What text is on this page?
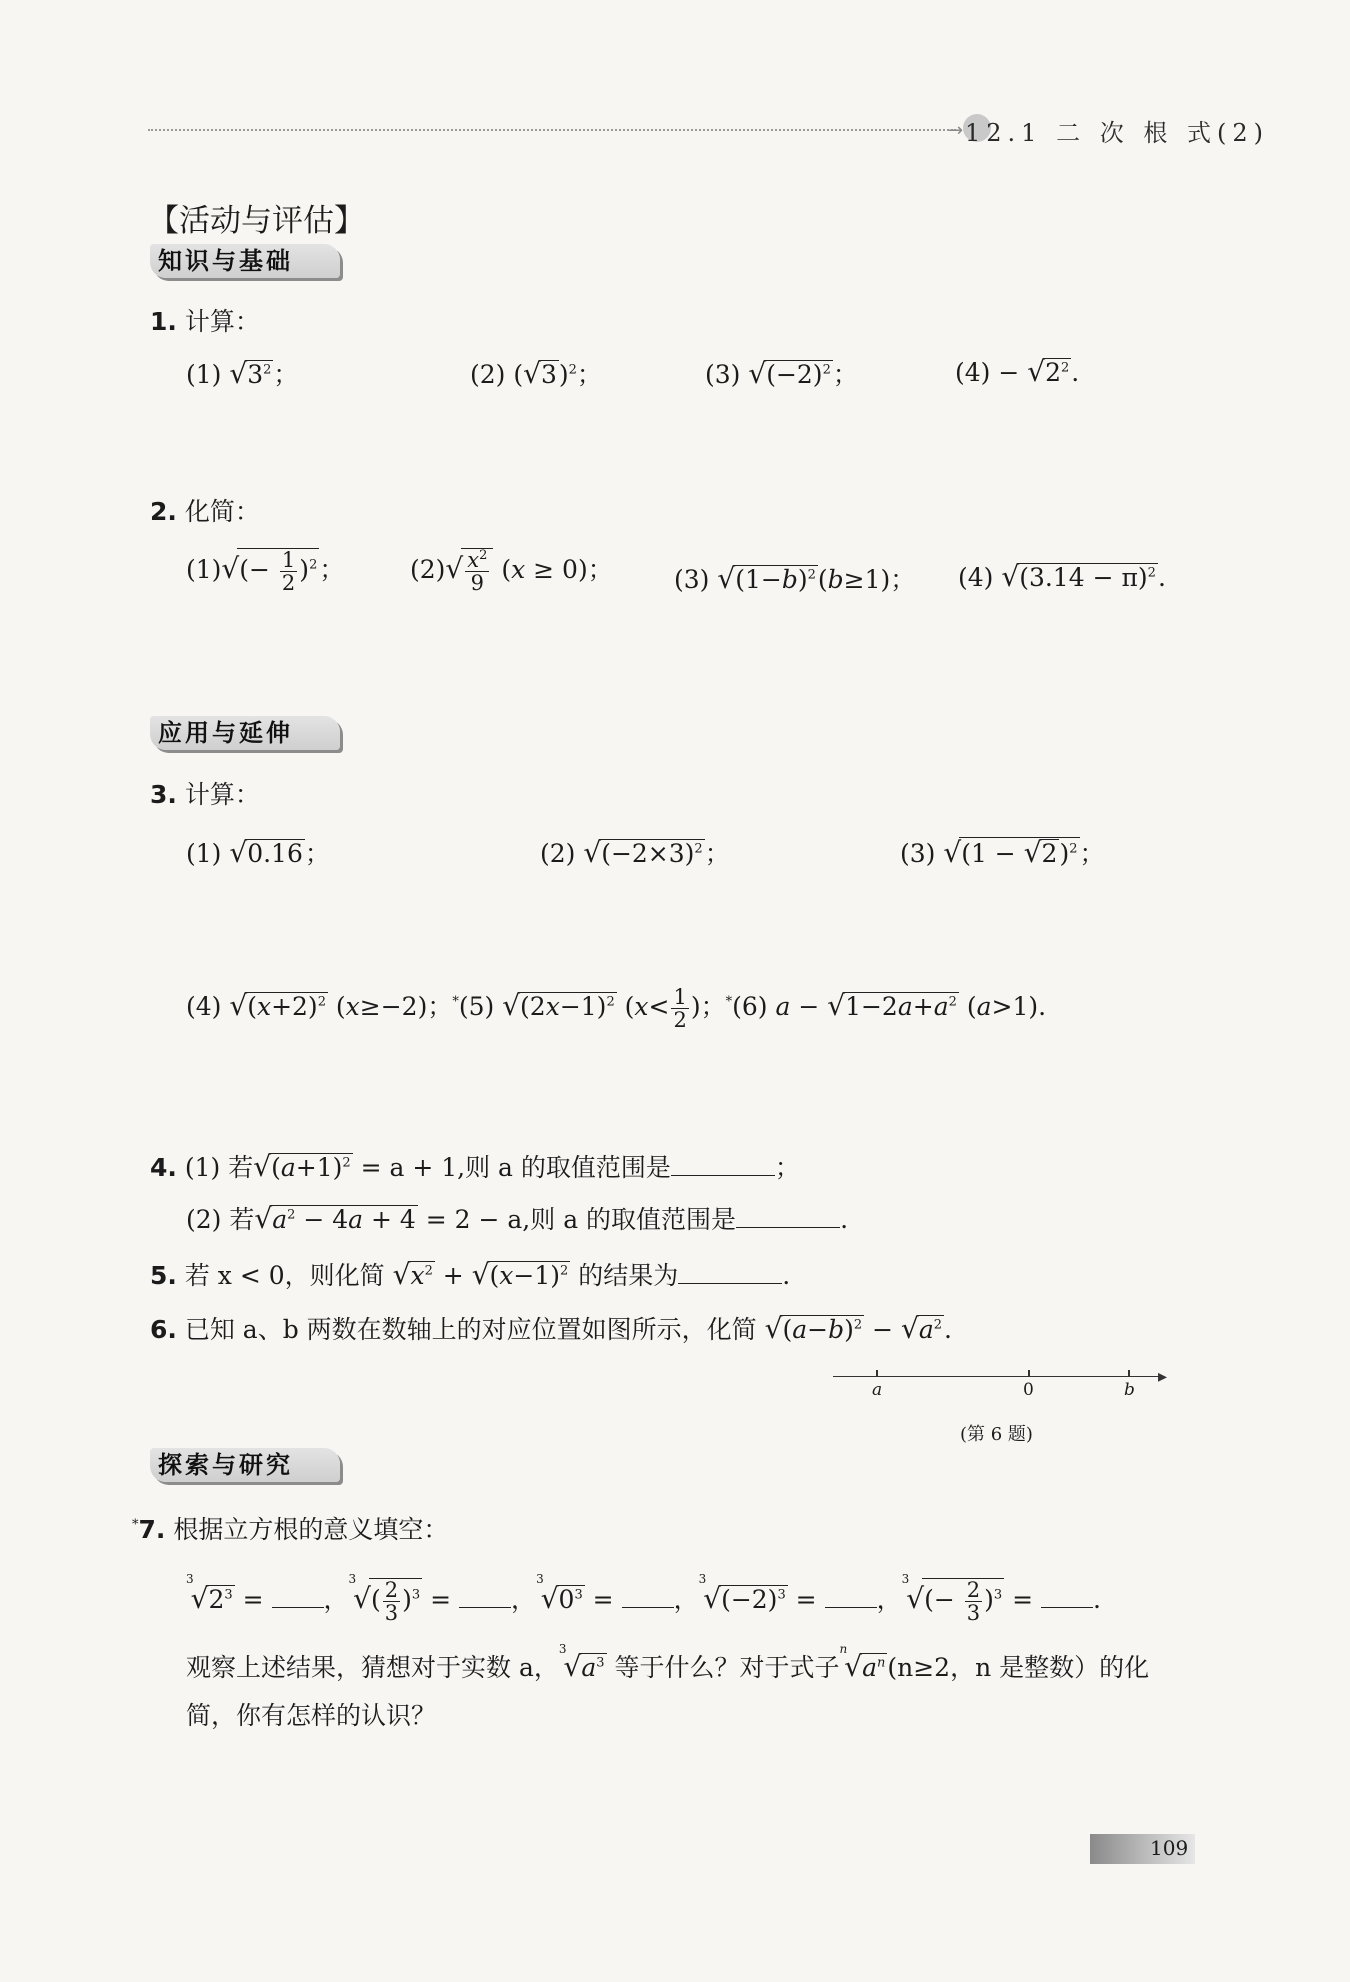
→ 12.1 二 次 根 式(2)
【活动与评估】
知识与基础
1. 计算：
(1) $√3^2$；	(2) $(√3)^2$；	(3) $√(-2)^2$；	$(4) - √2^2$.
2. 化简：
$(1)√(- \frac{1}{2} )^2$；	$(2)√ \frac{x^2}{9} (x \ge 0)$； (3) $√(1-b)^2(b\ge 1)$； (4) $√(3.14 - \pi)^2$.
应用与延伸
3. 计算：
(1) √0.16；	(2) $√(-2\times 3)^2$；	(3) $√(1 - √2)^2$；
(4) $√(x+2)^2$ (x≥−2)；*(5) $√(2x-1)^2$ ($x< \frac{1}{2}$ )；*(6) $a - √1-2a+a^2$ (a>1).
4. (1) 若$√(a+1)^2 = a + 1$,则 a 的取值范围是	；
(2) 若$√a^2 - 4a + 4 = 2 - a$,则 a 的取值范围是	.
5. 若 x < 0，则化简 $√x^2 + √(x-1)^2$ 的结果为	.
6. 已知 a、b 两数在数轴上的对应位置如图所示，化简 $√(a-b)^2 - √a^2$.
▸
a	0	b
(第 6 题)
探索与研究
*7. 根据立方根的意义填空：
$^3√2^3$ = ，$^3√( \frac{2}{3} )^3$ = ，$^3√0^3$ = ，$^3√(-2)^3$ = ，$^3√(- \frac{2}{3} )^3$ = .
观察上述结果，猜想对于实数 a，$^3√a^3$ 等于什么？对于式子$^n√a^n(n\ge 2$，n 是整数）的化
简，你有怎样的认识？
109
